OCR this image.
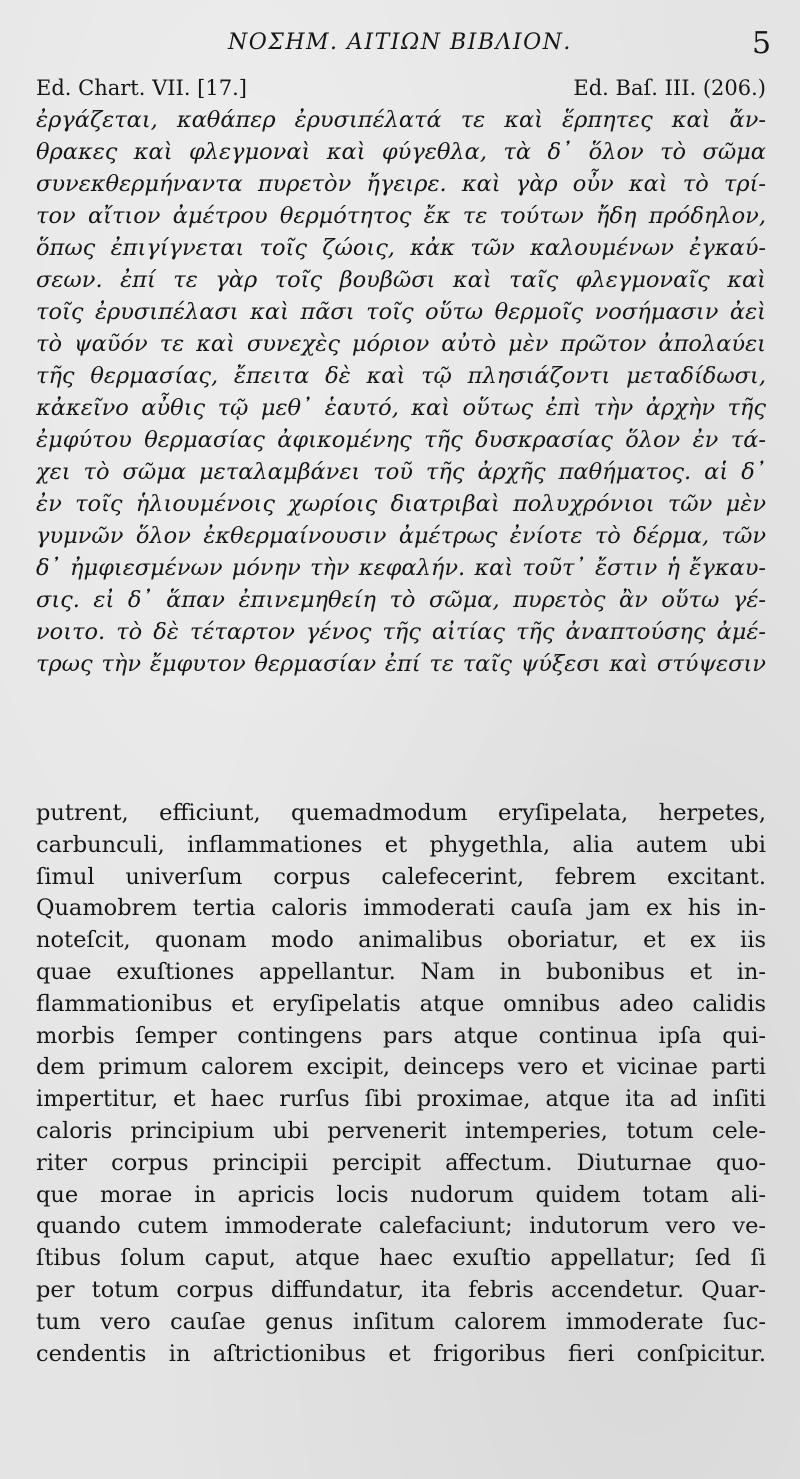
ΝΟΣΗΜ. ΑΙΤΙΩΝ ΒΙΒΛΙΟΝ.	5
Ed. Chart. VII. [17.]	Ed. Baſ. III. (206.)
ἐργάζεται, καθάπερ ἐρυσιπέλατά τε καὶ ἕρπητες καὶ ἄν-
θρακες καὶ φλεγμοναὶ καὶ φύγεθλα, τὰ δ᾽ ὅλον τὸ σῶμα
συνεκθερμήναντα πυρετὸν ἤγειρε. καὶ γὰρ οὖν καὶ τὸ τρί-
τον αἴτιον ἀμέτρου θερμότητος ἔκ τε τούτων ἤδη πρόδηλον,
ὅπως ἐπιγίγνεται τοῖς ζώοις, κἀκ τῶν καλουμένων ἐγκαύ-
σεων. ἐπί τε γὰρ τοῖς βουβῶσι καὶ ταῖς φλεγμοναῖς καὶ
τοῖς ἐρυσιπέλασι καὶ πᾶσι τοῖς οὕτω θερμοῖς νοσήμασιν ἀεὶ
τὸ ψαῦόν τε καὶ συνεχὲς μόριον αὐτὸ μὲν πρῶτον ἀπολαύει
τῆς θερμασίας, ἔπειτα δὲ καὶ τῷ πλησιάζοντι μεταδίδωσι,
κἀκεῖνο αὖθις τῷ μεθ᾽ ἑαυτό, καὶ οὕτως ἐπὶ τὴν ἀρχὴν τῆς
ἐμφύτου θερμασίας ἀφικομένης τῆς δυσκρασίας ὅλον ἐν τά-
χει τὸ σῶμα μεταλαμβάνει τοῦ τῆς ἀρχῆς παθήματος. αἱ δ᾽
ἐν τοῖς ἡλιουμένοις χωρίοις διατριβαὶ πολυχρόνιοι τῶν μὲν
γυμνῶν ὅλον ἐκθερμαίνουσιν ἀμέτρως ἐνίοτε τὸ δέρμα, τῶν
δ᾽ ἠμφιεσμένων μόνην τὴν κεφαλήν. καὶ τοῦτ᾽ ἔστιν ἡ ἔγκαυ-
σις. εἰ δ᾽ ἅπαν ἐπινεμηθείη τὸ σῶμα, πυρετὸς ἂν οὕτω γέ-
νοιτο. τὸ δὲ τέταρτον γένος τῆς αἰτίας τῆς ἀναπτούσης ἀμέ-
τρως τὴν ἔμφυτον θερμασίαν ἐπί τε ταῖς ψύξεσι καὶ στύψεσιν
putrent, efficiunt, quemadmodum eryſipelata, herpetes,
carbunculi, inflammationes et phygethla, alia autem ubi
ſimul univerſum corpus calefecerint, febrem excitant.
Quamobrem tertia caloris immoderati cauſa jam ex his in-
noteſcit, quonam modo animalibus oboriatur, et ex iis
quae exuſtiones appellantur. Nam in bubonibus et in-
flammationibus et eryſipelatis atque omnibus adeo calidis
morbis ſemper contingens pars atque continua ipſa qui-
dem primum calorem excipit, deinceps vero et vicinae parti
impertitur, et haec rurſus ſibi proximae, atque ita ad inſiti
caloris principium ubi pervenerit intemperies, totum cele-
riter corpus principii percipit affectum. Diuturnae quo-
que morae in apricis locis nudorum quidem totam ali-
quando cutem immoderate calefaciunt; indutorum vero ve-
ſtibus ſolum caput, atque haec exuſtio appellatur; ſed ſi
per totum corpus diffundatur, ita febris accendetur. Quar-
tum vero cauſae genus inſitum calorem immoderate ſuc-
cendentis in aſtrictionibus et frigoribus fieri conſpicitur.
